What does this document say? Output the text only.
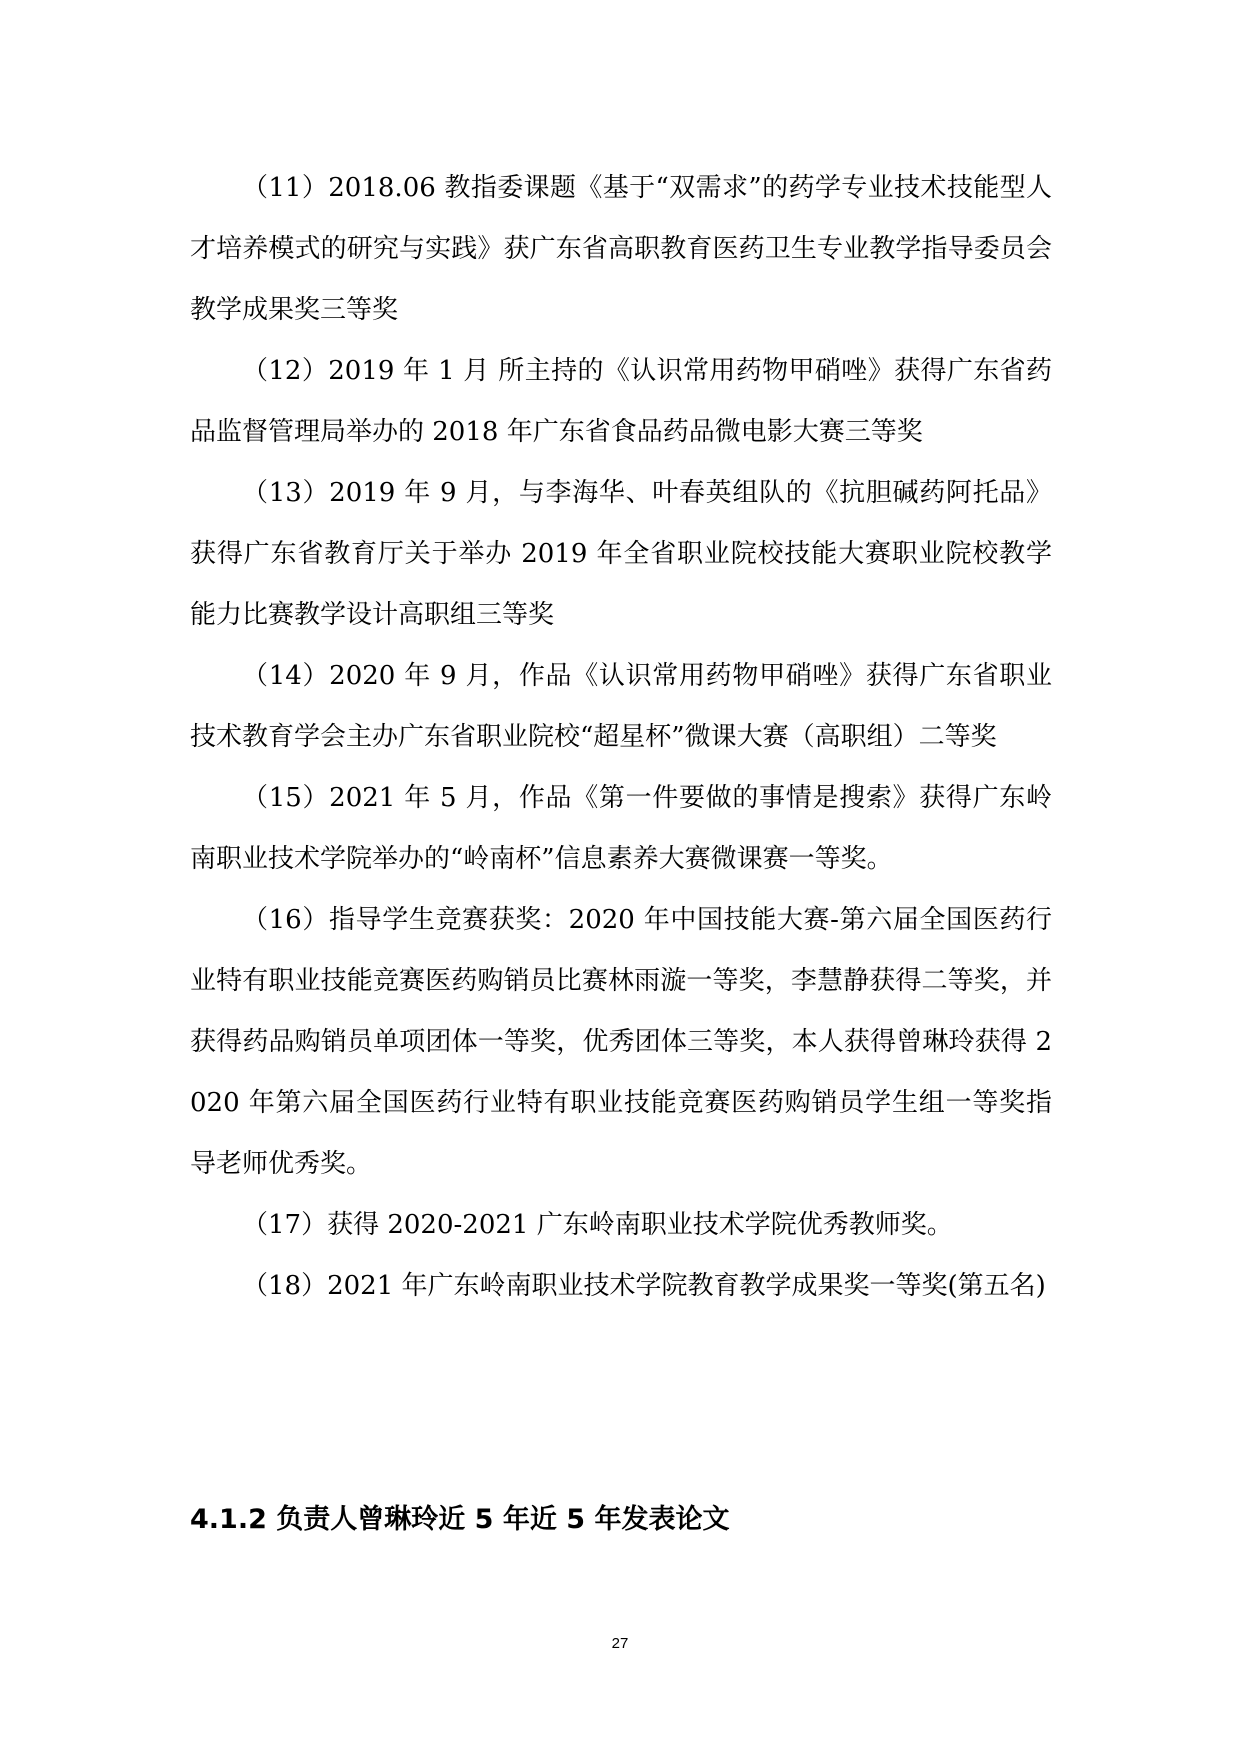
（11）2018.06 教指委课题《基于“双需求”的药学专业技术技能型人才培养模式的研究与实践》获广东省高职教育医药卫生专业教学指导委员会教学成果奖三等奖

（12）2019 年 1 月 所主持的《认识常用药物甲硝唑》获得广东省药品监督管理局举办的 2018 年广东省食品药品微电影大赛三等奖

（13）2019 年 9 月，与李海华、叶春英组队的《抗胆碱药阿托品》获得广东省教育厅关于举办 2019 年全省职业院校技能大赛职业院校教学能力比赛教学设计高职组三等奖

（14）2020 年 9 月，作品《认识常用药物甲硝唑》获得广东省职业技术教育学会主办广东省职业院校“超星杯”微课大赛（高职组）二等奖

（15）2021 年 5 月，作品《第一件要做的事情是搜索》获得广东岭南职业技术学院举办的“岭南杯”信息素养大赛微课赛一等奖。

（16）指导学生竞赛获奖：2020 年中国技能大赛-第六届全国医药行业特有职业技能竞赛医药购销员比赛林雨漩一等奖，李慧静获得二等奖，并获得药品购销员单项团体一等奖，优秀团体三等奖，本人获得曾琳玲获得 2020 年第六届全国医药行业特有职业技能竞赛医药购销员学生组一等奖指导老师优秀奖。

（17）获得 2020-2021 广东岭南职业技术学院优秀教师奖。

（18）2021 年广东岭南职业技术学院教育教学成果奖一等奖(第五名)

4.1.2 负责人曾琳玲近 5 年近 5 年发表论文
27
